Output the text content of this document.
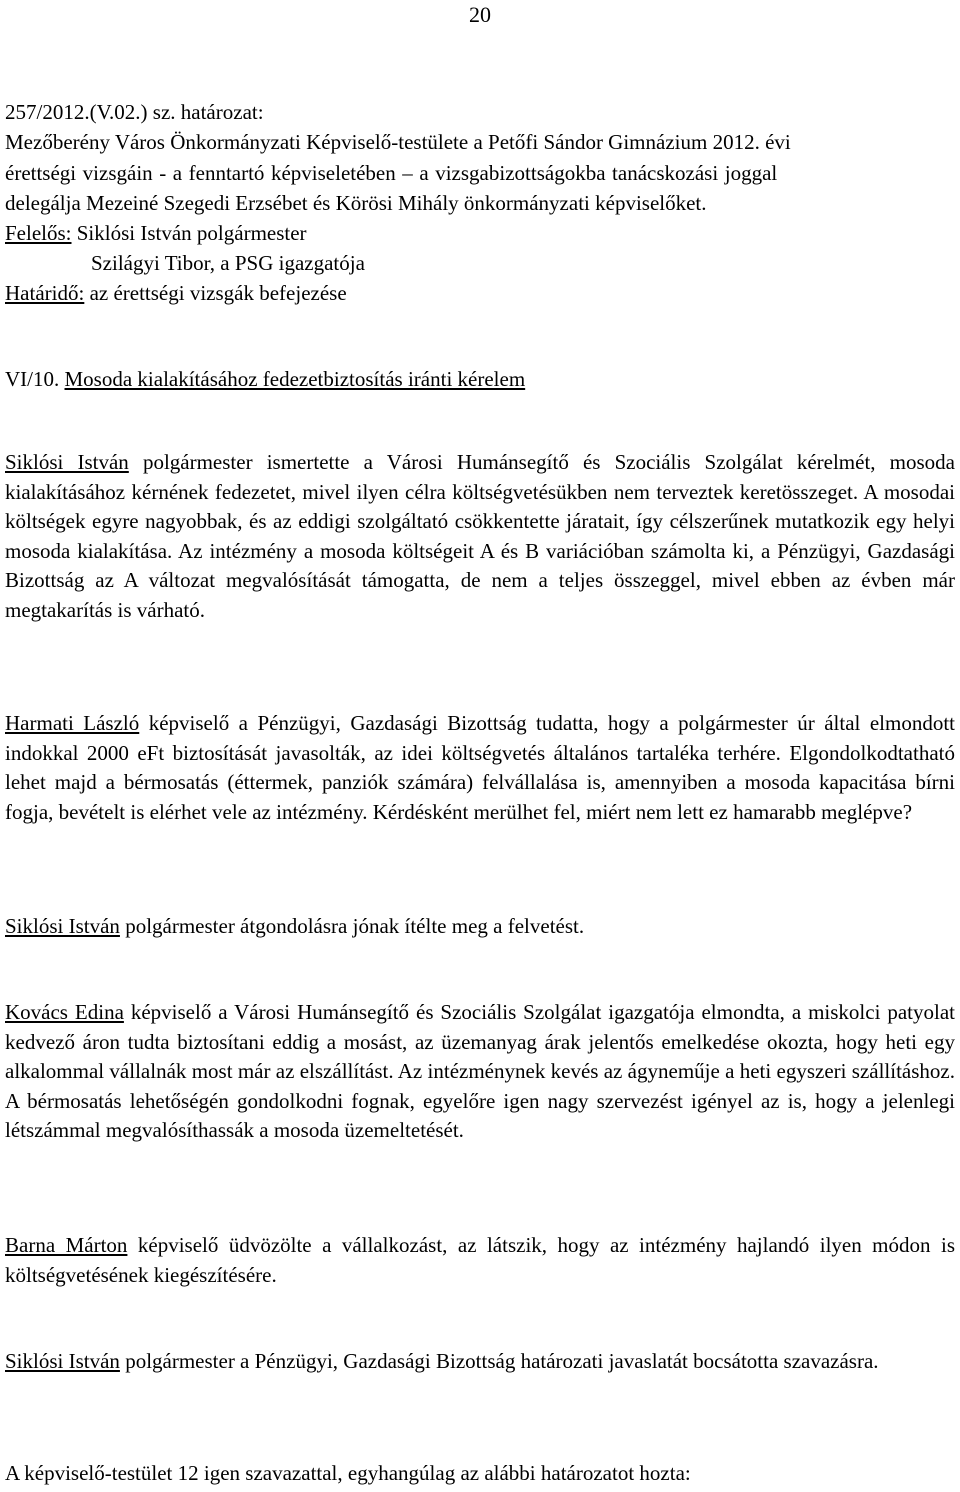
20
257/2012.(V.02.) sz. határozat:
Mezőberény Város Önkormányzati Képviselő-testülete a Petőfi Sándor Gimnázium 2012. évi
érettségi vizsgáin - a fenntartó képviseletében – a vizsgabizottságokba tanácskozási joggal
delegálja Mezeiné Szegedi Erzsébet és Körösi Mihály önkormányzati képviselőket.
Felelős: Siklósi István polgármester
Szilágyi Tibor, a PSG igazgatója
Határidő: az érettségi vizsgák befejezése
VI/10. Mosoda kialakításához fedezetbiztosítás iránti kérelem
Siklósi István polgármester ismertette a Városi Humánsegítő és Szociális Szolgálat kérelmét, mosoda kialakításához kérnének fedezetet, mivel ilyen célra költségvetésükben nem terveztek keretösszeget. A mosodai költségek egyre nagyobbak, és az eddigi szolgáltató csökkentette járatait, így célszerűnek mutatkozik egy helyi mosoda kialakítása. Az intézmény a mosoda költségeit A és B variációban számolta ki, a Pénzügyi, Gazdasági Bizottság az A változat megvalósítását támogatta, de nem a teljes összeggel, mivel ebben az évben már megtakarítás is várható.
Harmati László képviselő a Pénzügyi, Gazdasági Bizottság tudatta, hogy a polgármester úr által elmondott indokkal 2000 eFt biztosítását javasolták, az idei költségvetés általános tartaléka terhére. Elgondolkodtatható lehet majd a bérmosatás (éttermek, panziók számára) felvállalása is, amennyiben a mosoda kapacitása bírni fogja, bevételt is elérhet vele az intézmény. Kérdésként merülhet fel, miért nem lett ez hamarabb meglépve?
Siklósi István polgármester átgondolásra jónak ítélte meg a felvetést.
Kovács Edina képviselő a Városi Humánsegítő és Szociális Szolgálat igazgatója elmondta, a miskolci patyolat kedvező áron tudta biztosítani eddig a mosást, az üzemanyag árak jelentős emelkedése okozta, hogy heti egy alkalommal vállalnák most már az elszállítást. Az intézménynek kevés az ágyneműje a heti egyszeri szállításhoz. A bérmosatás lehetőségén gondolkodni fognak, egyelőre igen nagy szervezést igényel az is, hogy a jelenlegi létszámmal megvalósíthassák a mosoda üzemeltetését.
Barna Márton képviselő üdvözölte a vállalkozást, az látszik, hogy az intézmény hajlandó ilyen módon is költségvetésének kiegészítésére.
Siklósi István polgármester a Pénzügyi, Gazdasági Bizottság határozati javaslatát bocsátotta szavazásra.
A képviselő-testület 12 igen szavazattal, egyhangúlag az alábbi határozatot hozta:
